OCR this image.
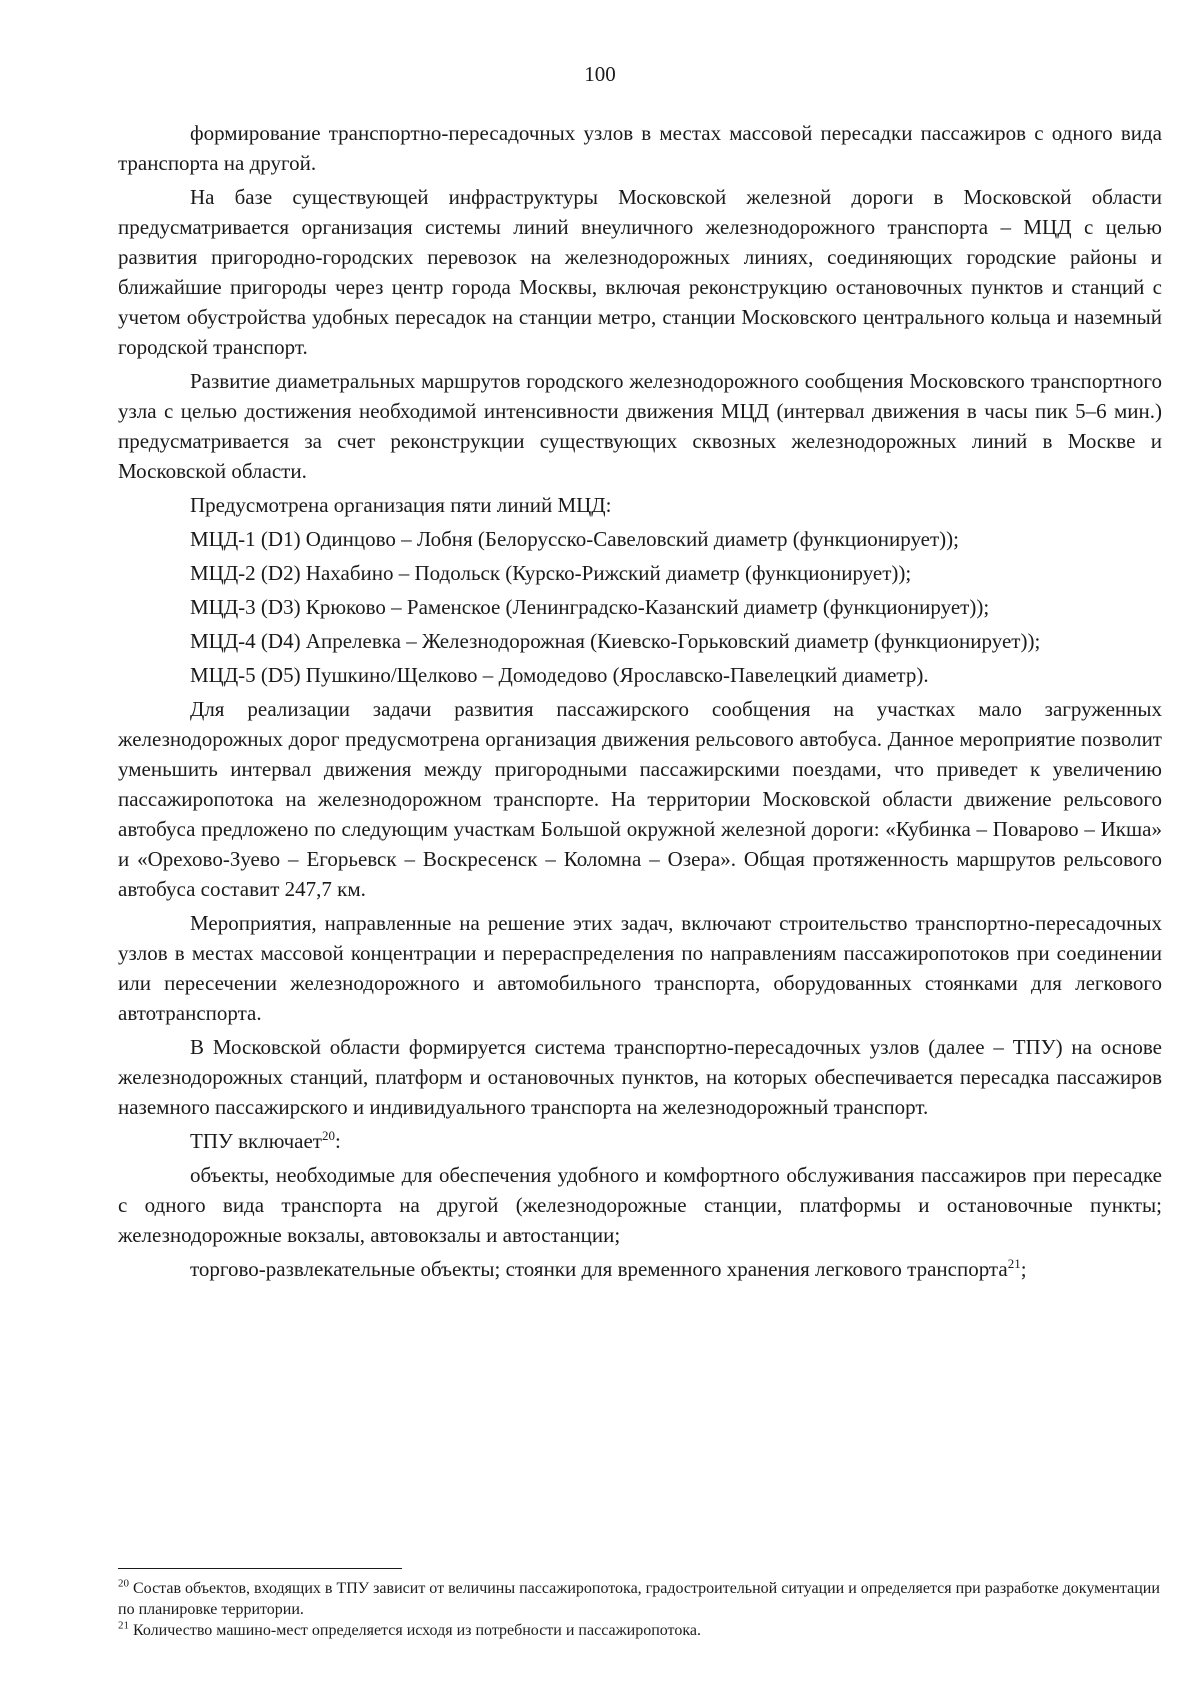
100

формирование транспортно-пересадочных узлов в местах массовой пересадки пассажиров с одного вида транспорта на другой.

На базе существующей инфраструктуры Московской железной дороги в Московской области предусматривается организация системы линий внеуличного железнодорожного транспорта – МЦД с целью развития пригородно-городских перевозок на железнодорожных линиях, соединяющих городские районы и ближайшие пригороды через центр города Москвы, включая реконструкцию остановочных пунктов и станций с учетом обустройства удобных пересадок на станции метро, станции Московского центрального кольца и наземный городской транспорт.

Развитие диаметральных маршрутов городского железнодорожного сообщения Московского транспортного узла с целью достижения необходимой интенсивности движения МЦД (интервал движения в часы пик 5–6 мин.) предусматривается за счет реконструкции существующих сквозных железнодорожных линий в Москве и Московской области.

Предусмотрена организация пяти линий МЦД:

МЦД-1 (D1) Одинцово – Лобня (Белорусско-Савеловский диаметр (функционирует));

МЦД-2 (D2) Нахабино – Подольск (Курско-Рижский диаметр (функционирует));

МЦД-3 (D3) Крюково – Раменское (Ленинградско-Казанский диаметр (функционирует));

МЦД-4 (D4) Апрелевка – Железнодорожная (Киевско-Горьковский диаметр (функционирует));

МЦД-5 (D5) Пушкино/Щелково – Домодедово (Ярославско-Павелецкий диаметр).

Для реализации задачи развития пассажирского сообщения на участках мало загруженных железнодорожных дорог предусмотрена организация движения рельсового автобуса. Данное мероприятие позволит уменьшить интервал движения между пригородными пассажирскими поездами, что приведет к увеличению пассажиропотока на железнодорожном транспорте. На территории Московской области движение рельсового автобуса предложено по следующим участкам Большой окружной железной дороги: «Кубинка – Поварово – Икша» и «Орехово-Зуево – Егорьевск – Воскресенск – Коломна – Озера». Общая протяженность маршрутов рельсового автобуса составит 247,7 км.

Мероприятия, направленные на решение этих задач, включают строительство транспортно-пересадочных узлов в местах массовой концентрации и перераспределения по направлениям пассажиропотоков при соединении или пересечении железнодорожного и автомобильного транспорта, оборудованных стоянками для легкового автотранспорта.

В Московской области формируется система транспортно-пересадочных узлов (далее – ТПУ) на основе железнодорожных станций, платформ и остановочных пунктов, на которых обеспечивается пересадка пассажиров наземного пассажирского и индивидуального транспорта на железнодорожный транспорт.

ТПУ включает$^{20}$:

объекты, необходимые для обеспечения удобного и комфортного обслуживания пассажиров при пересадке с одного вида транспорта на другой (железнодорожные станции, платформы и остановочные пункты; железнодорожные вокзалы, автовокзалы и автостанции;

торгово-развлекательные объекты; стоянки для временного хранения легкового транспорта$^{21}$;

$^{20}$ Состав объектов, входящих в ТПУ зависит от величины пассажиропотока, градостроительной ситуации и определяется при разработке документации по планировке территории.

$^{21}$ Количество машино-мест определяется исходя из потребности и пассажиропотока.
